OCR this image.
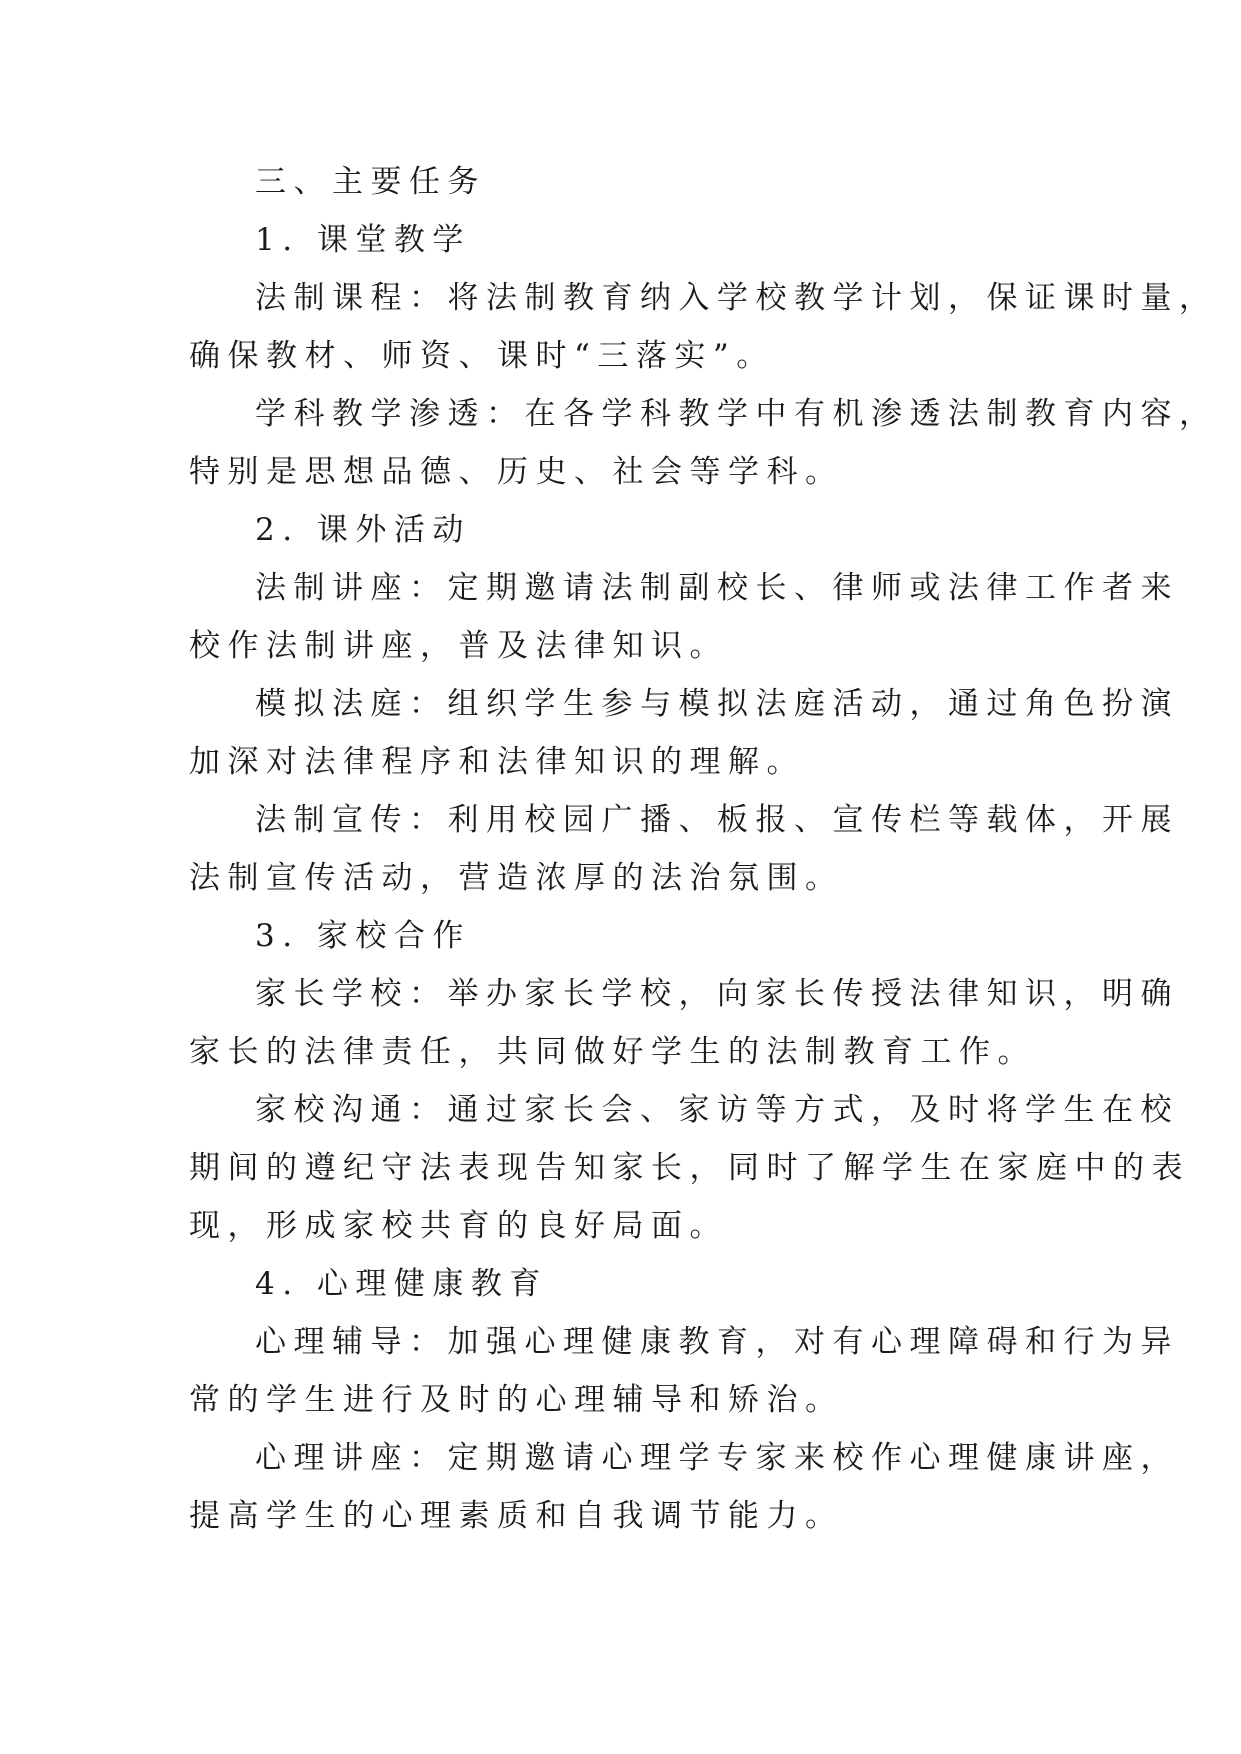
三、主要任务
1. 课堂教学
法制课程：将法制教育纳入学校教学计划，保证课时量，
确保教材、师资、课时“三落实”。
学科教学渗透：在各学科教学中有机渗透法制教育内容，
特别是思想品德、历史、社会等学科。
2. 课外活动
法制讲座：定期邀请法制副校长、律师或法律工作者来
校作法制讲座，普及法律知识。
模拟法庭：组织学生参与模拟法庭活动，通过角色扮演
加深对法律程序和法律知识的理解。
法制宣传：利用校园广播、板报、宣传栏等载体，开展
法制宣传活动，营造浓厚的法治氛围。
3. 家校合作
家长学校：举办家长学校，向家长传授法律知识，明确
家长的法律责任，共同做好学生的法制教育工作。
家校沟通：通过家长会、家访等方式，及时将学生在校
期间的遵纪守法表现告知家长，同时了解学生在家庭中的表
现，形成家校共育的良好局面。
4. 心理健康教育
心理辅导：加强心理健康教育，对有心理障碍和行为异
常的学生进行及时的心理辅导和矫治。
心理讲座：定期邀请心理学专家来校作心理健康讲座，
提高学生的心理素质和自我调节能力。
